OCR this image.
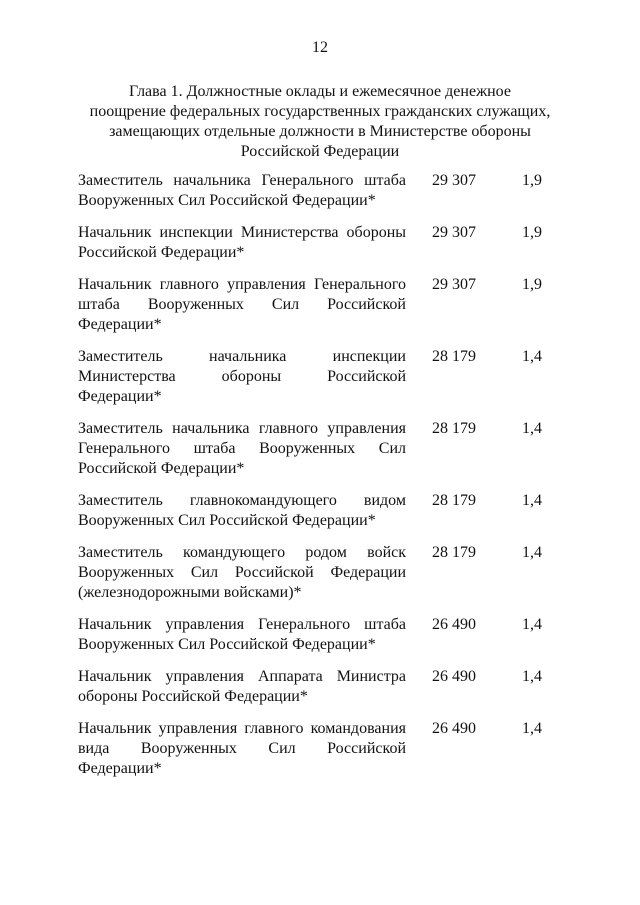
12
Глава 1. Должностные оклады и ежемесячное денежное
поощрение федеральных государственных гражданских служащих,
замещающих отдельные должности в Министерстве обороны
Российской Федерации
Заместитель начальника Генерального штаба Вооруженных Сил Российской Федерации*
29 307	1,9
Начальник инспекции Министерства обороны Российской Федерации*
29 307	1,9
Начальник главного управления Генерального штаба Вооруженных Сил Российской Федерации*
29 307	1,9
Заместитель начальника инспекции Министерства обороны Российской Федерации*
28 179	1,4
Заместитель начальника главного управления Генерального штаба Вооруженных Сил Российской Федерации*
28 179	1,4
Заместитель главнокомандующего видом Вооруженных Сил Российской Федерации*
28 179	1,4
Заместитель командующего родом войск Вооруженных Сил Российской Федерации (железнодорожными войсками)*
28 179	1,4
Начальник управления Генерального штаба Вооруженных Сил Российской Федерации*
26 490	1,4
Начальник управления Аппарата Министра обороны Российской Федерации*
26 490	1,4
Начальник управления главного командования вида Вооруженных Сил Российской Федерации*
26 490	1,4
